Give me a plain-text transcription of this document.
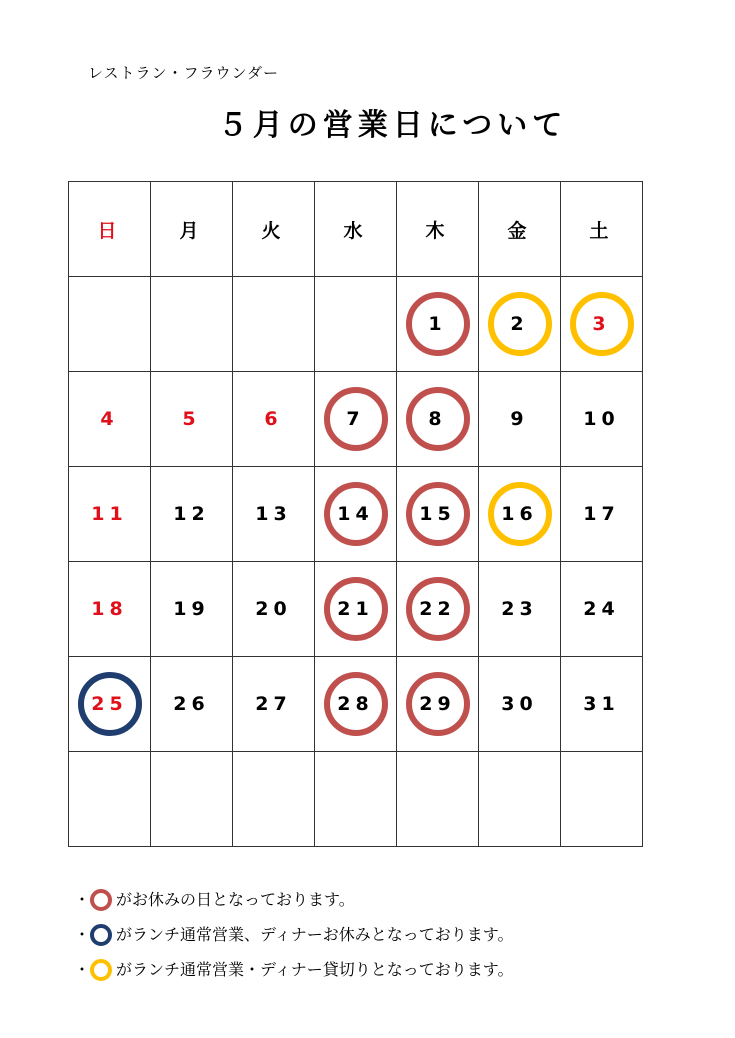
レストラン・フラウンダー
５月の営業日について
日	月	火	水	木	金	土
				1	2	3
4	5	6	7	8	9	10
11	12	13	14	15	16	17
18	19	20	21	22	23	24
25	26	27	28	29	30	31

･ がお休みの日となっております。
･ がランチ通常営業、ディナーお休みとなっております。
･ がランチ通常営業・ディナー貸切りとなっております。
